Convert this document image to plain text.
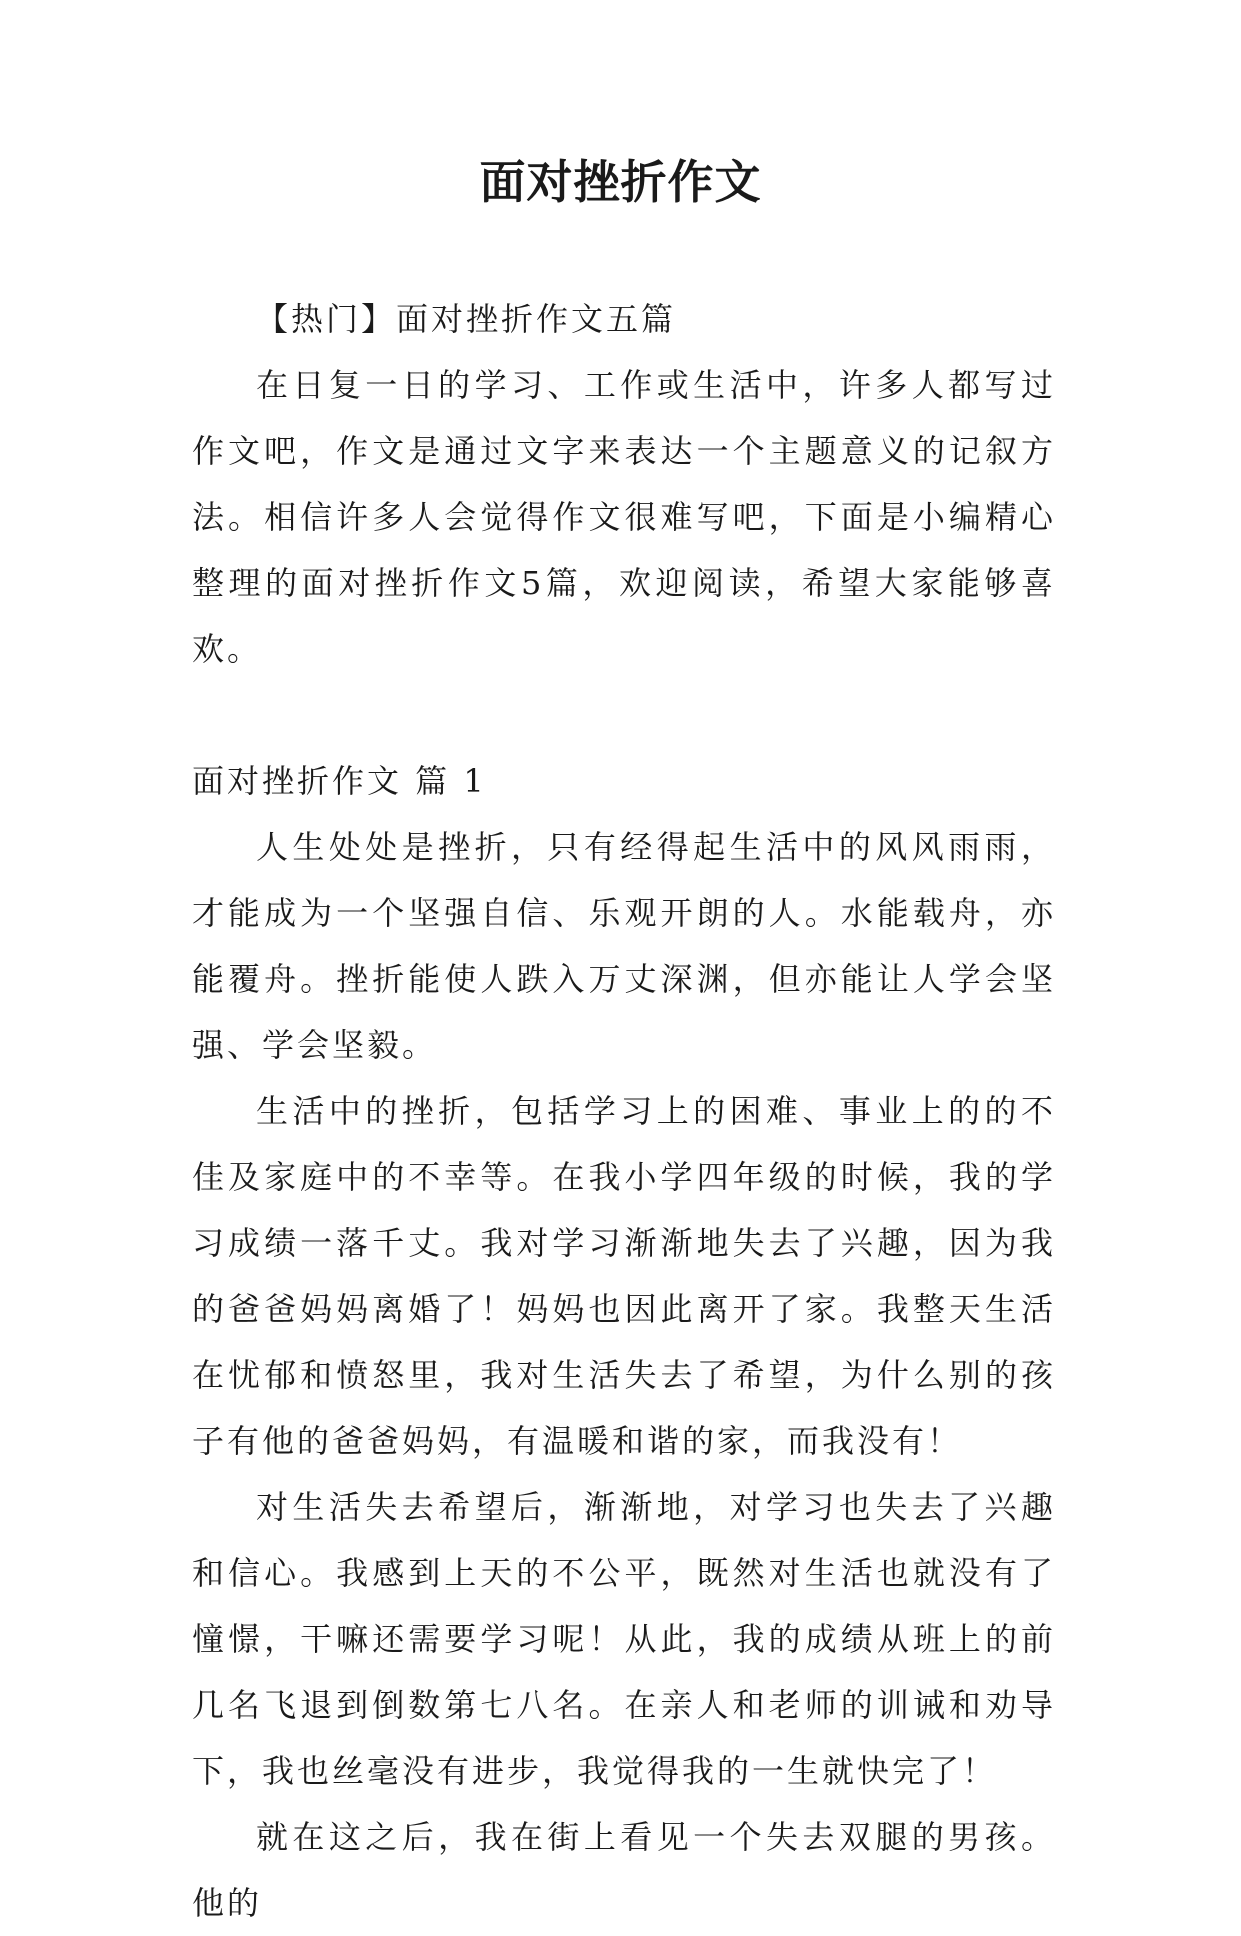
面对挫折作文

【热门】面对挫折作文五篇

在日复一日的学习、工作或生活中，许多人都写过作文吧，作文是通过文字来表达一个主题意义的记叙方法。相信许多人会觉得作文很难写吧，下面是小编精心整理的面对挫折作文5篇，欢迎阅读，希望大家能够喜欢。

面对挫折作文 篇 1

人生处处是挫折，只有经得起生活中的风风雨雨，才能成为一个坚强自信、乐观开朗的人。水能载舟，亦能覆舟。挫折能使人跌入万丈深渊，但亦能让人学会坚强、学会坚毅。

生活中的挫折，包括学习上的困难、事业上的的不佳及家庭中的不幸等。在我小学四年级的时候，我的学习成绩一落千丈。我对学习渐渐地失去了兴趣，因为我的爸爸妈妈离婚了！妈妈也因此离开了家。我整天生活在忧郁和愤怒里，我对生活失去了希望，为什么别的孩子有他的爸爸妈妈，有温暖和谐的家，而我没有！

对生活失去希望后，渐渐地，对学习也失去了兴趣和信心。我感到上天的不公平，既然对生活也就没有了憧憬，干嘛还需要学习呢！从此，我的成绩从班上的前几名飞退到倒数第七八名。在亲人和老师的训诫和劝导下，我也丝毫没有进步，我觉得我的一生就快完了！

就在这之后，我在街上看见一个失去双腿的男孩。他的
